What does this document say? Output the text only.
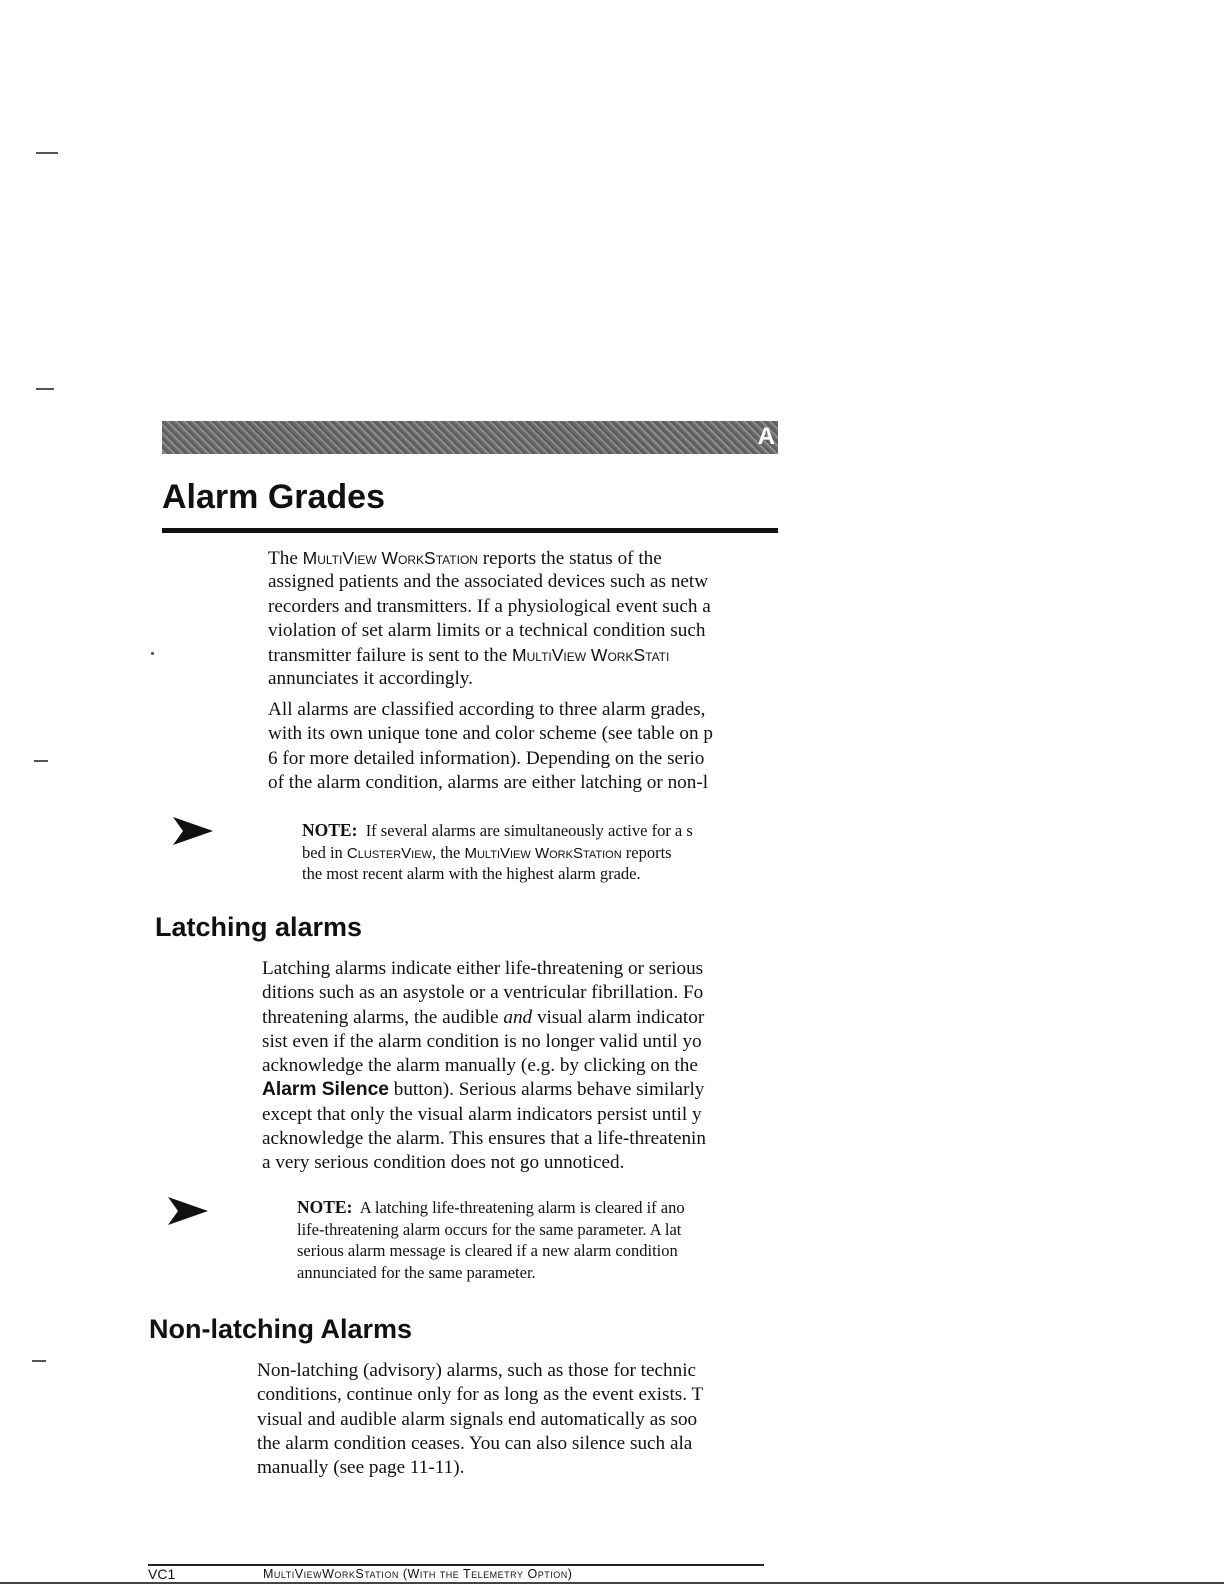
A
Alarm Grades
The MultiView WorkStation reports the status of the
assigned patients and the associated devices such as netw
recorders and transmitters. If a physiological event such a
violation of set alarm limits or a technical condition such
transmitter failure is sent to the MultiView WorkStati
annunciates it accordingly.
All alarms are classified according to three alarm grades,
with its own unique tone and color scheme (see table on p
6 for more detailed information). Depending on the serio
of the alarm condition, alarms are either latching or non-l
NOTE:  If several alarms are simultaneously active for a s
bed in ClusterView, the MultiView WorkStation reports
the most recent alarm with the highest alarm grade.
Latching alarms
Latching alarms indicate either life-threatening or serious
ditions such as an asystole or a ventricular fibrillation. Fo
threatening alarms, the audible and visual alarm indicator
sist even if the alarm condition is no longer valid until yo
acknowledge the alarm manually (e.g. by clicking on the
Alarm Silence button). Serious alarms behave similarly
except that only the visual alarm indicators persist until y
acknowledge the alarm. This ensures that a life-threatenin
a very serious condition does not go unnoticed.
NOTE:  A latching life-threatening alarm is cleared if ano
life-threatening alarm occurs for the same parameter. A lat
serious alarm message is cleared if a new alarm condition
annunciated for the same parameter.
Non-latching Alarms
Non-latching (advisory) alarms, such as those for technic
conditions, continue only for as long as the event exists. T
visual and audible alarm signals end automatically as soo
the alarm condition ceases. You can also silence such ala
manually (see page 11-11).
VC1	MultiViewWorkStation (With the Telemetry Option)
